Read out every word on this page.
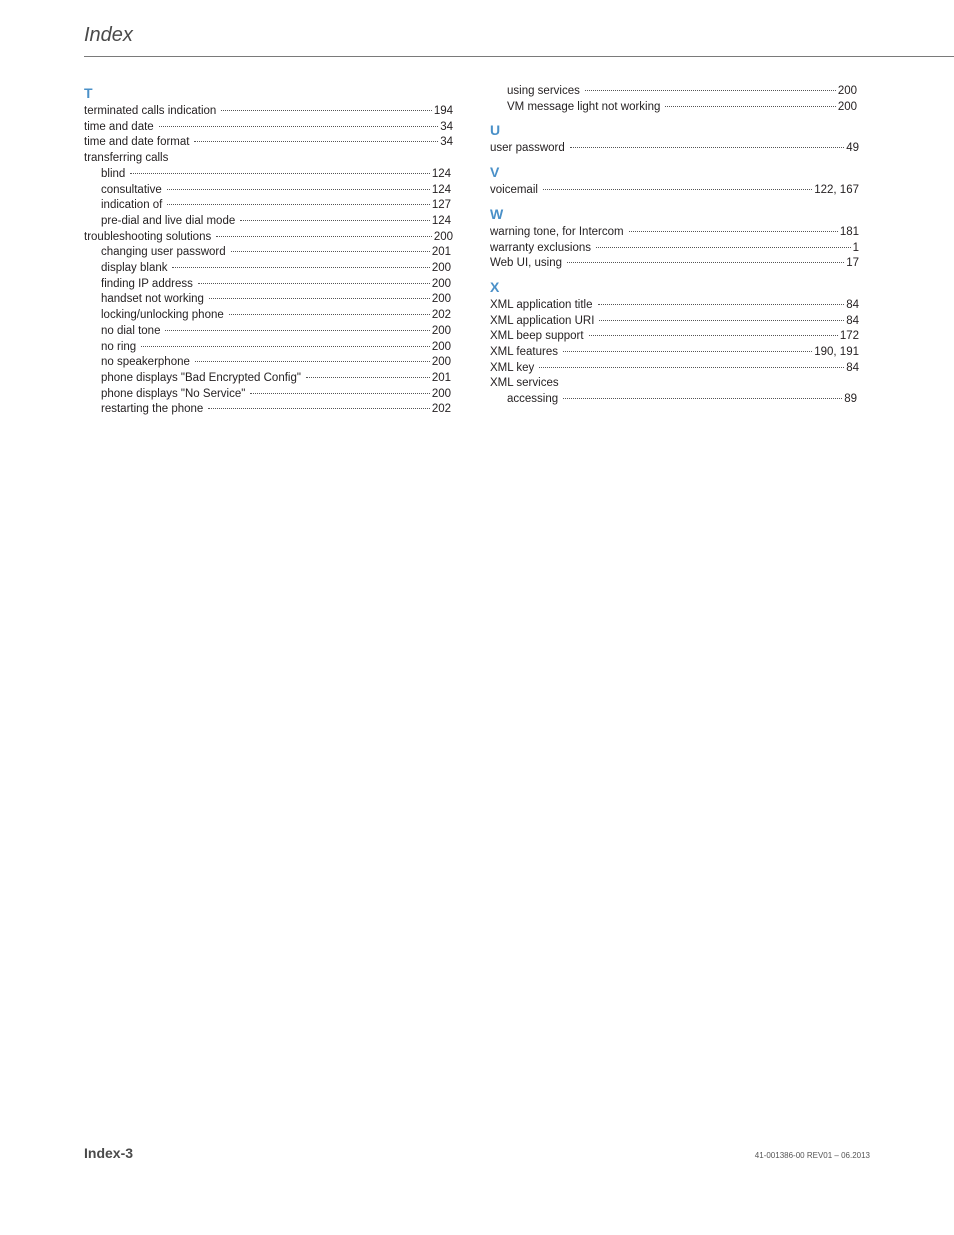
Index
T
terminated calls indication	194
time and date	34
time and date format	34
transferring calls
blind	124
consultative	124
indication of	127
pre-dial and live dial mode	124
troubleshooting solutions	200
changing user password	201
display blank	200
finding IP address	200
handset not working	200
locking/unlocking phone	202
no dial tone	200
no ring	200
no speakerphone	200
phone displays "Bad Encrypted Config"	201
phone displays "No Service"	200
restarting the phone	202
using services	200
VM message light not working	200
U
user password	49
V
voicemail	122, 167
W
warning tone, for Intercom	181
warranty exclusions	1
Web UI, using	17
X
XML application title	84
XML application URI	84
XML beep support	172
XML features	190, 191
XML key	84
XML services
accessing	89
Index-3	41-001386-00 REV01 – 06.2013
